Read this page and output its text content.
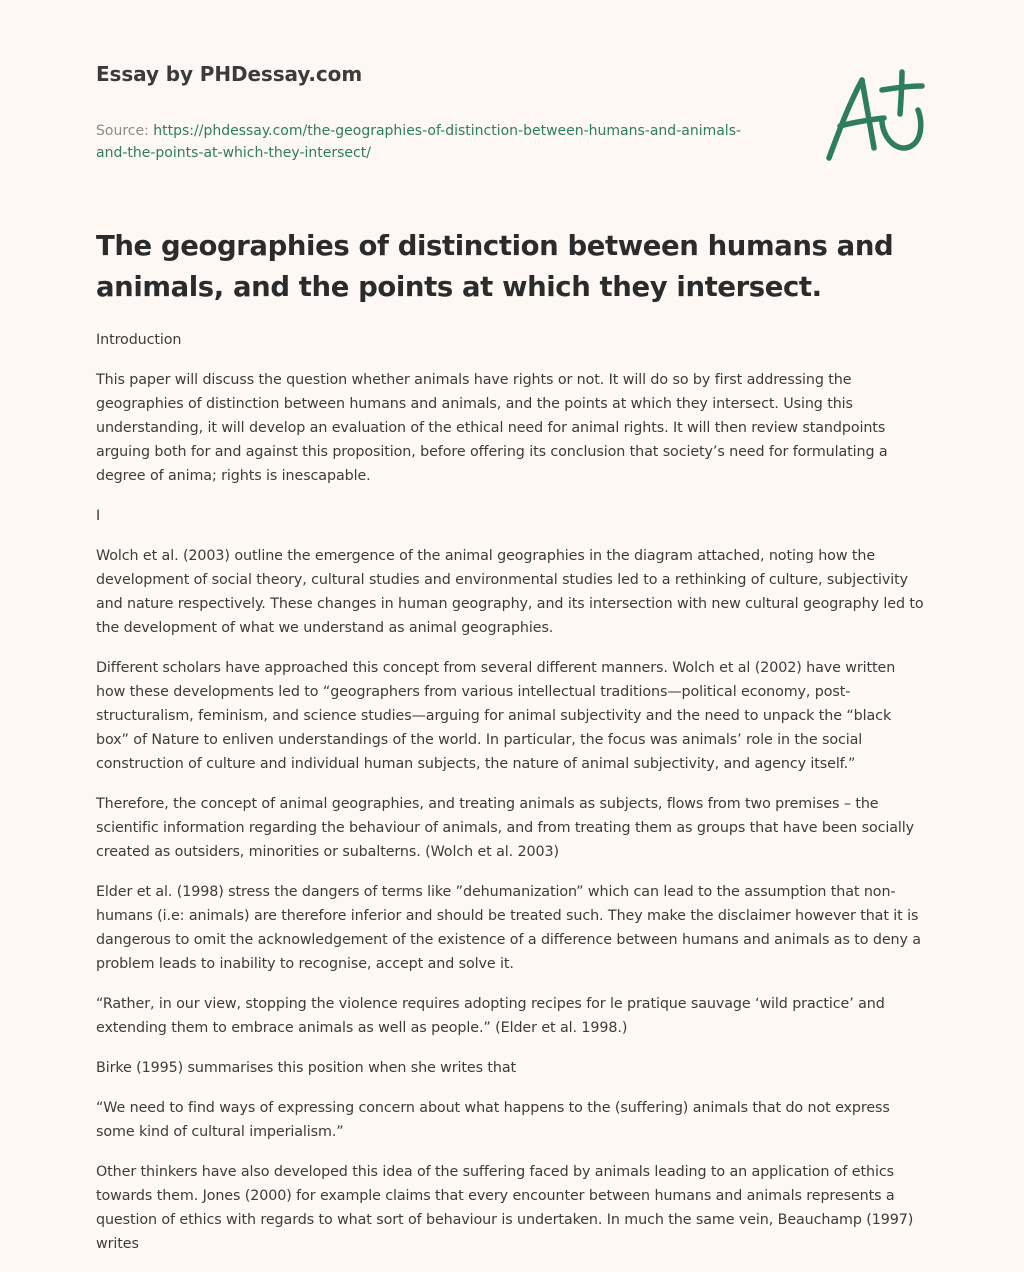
Essay by PHDessay.com
Source: https://phdessay.com/the-geographies-of-distinction-between-humans-and-animals-and-the-points-at-which-they-intersect/
The geographies of distinction between humans and animals, and the points at which they intersect.

Introduction

This paper will discuss the question whether animals have rights or not. It will do so by first addressing the geographies of distinction between humans and animals, and the points at which they intersect. Using this understanding, it will develop an evaluation of the ethical need for animal rights. It will then review standpoints arguing both for and against this proposition, before offering its conclusion that society’s need for formulating a degree of anima; rights is inescapable.

I

Wolch et al. (2003) outline the emergence of the animal geographies in the diagram attached, noting how the development of social theory, cultural studies and environmental studies led to a rethinking of culture, subjectivity and nature respectively. These changes in human geography, and its intersection with new cultural geography led to the development of what we understand as animal geographies.

Different scholars have approached this concept from several different manners. Wolch et al (2002) have written how these developments led to “geographers from various intellectual traditions—political economy, post-structuralism, feminism, and science studies—arguing for animal subjectivity and the need to unpack the “black box” of Nature to enliven understandings of the world. In particular, the focus was animals’ role in the social construction of culture and individual human subjects, the nature of animal subjectivity, and agency itself.”

Therefore, the concept of animal geographies, and treating animals as subjects, flows from two premises – the scientific information regarding the behaviour of animals, and from treating them as groups that have been socially created as outsiders, minorities or subalterns. (Wolch et al. 2003)

Elder et al. (1998) stress the dangers of terms like ”dehumanization” which can lead to the assumption that non-humans (i.e: animals) are therefore inferior and should be treated such. They make the disclaimer however that it is dangerous to omit the acknowledgement of the existence of a difference between humans and animals as to deny a problem leads to inability to recognise, accept and solve it.

“Rather, in our view, stopping the violence requires adopting recipes for le pratique sauvage ‘wild practice’ and extending them to embrace animals as well as people.” (Elder et al. 1998.)

Birke (1995) summarises this position when she writes that

“We need to find ways of expressing concern about what happens to the (suffering) animals that do not express some kind of cultural imperialism.”

Other thinkers have also developed this idea of the suffering faced by animals leading to an application of ethics towards them. Jones (2000) for example claims that every encounter between humans and animals represents a question of ethics with regards to what sort of behaviour is undertaken. In much the same vein, Beauchamp (1997) writes
